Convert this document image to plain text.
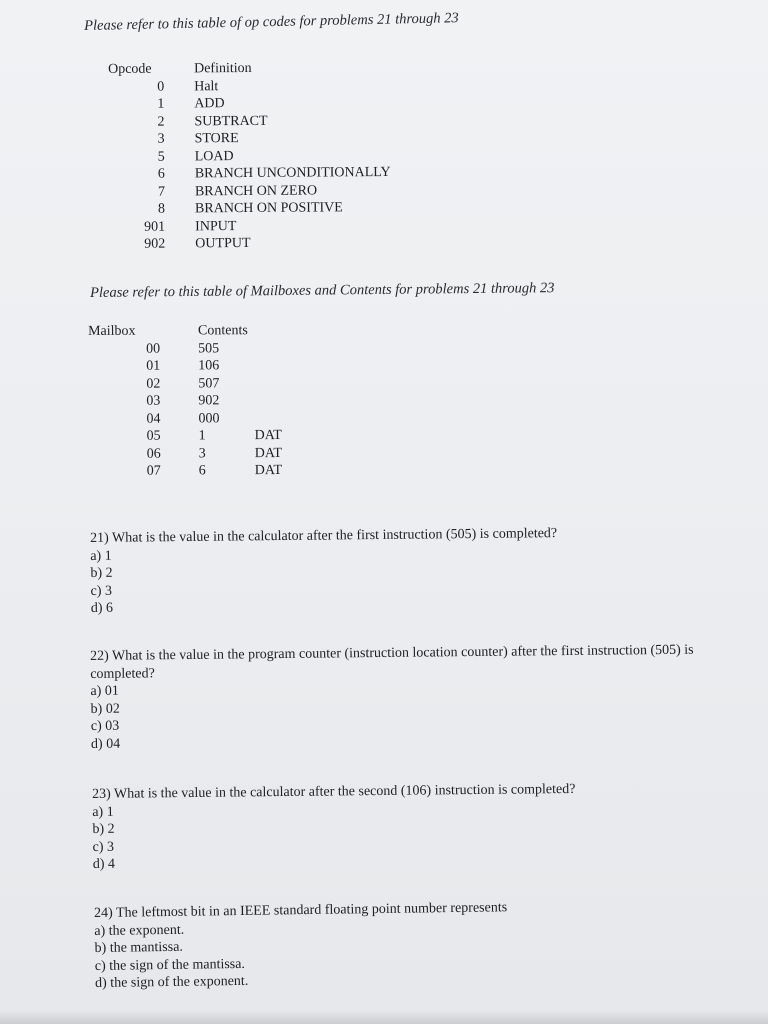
Please refer to this table of op codes for problems 21 through 23
Opcode	Definition
0 Halt
1 ADD
2 SUBTRACT
3 STORE
5 LOAD
6 BRANCH UNCONDITIONALLY
7 BRANCH ON ZERO
8 BRANCH ON POSITIVE
901 INPUT
902 OUTPUT
Please refer to this table of Mailboxes and Contents for problems 21 through 23
Mailbox	Contents
00	505
01	106
02	507
03	902
04	000
05	1	DAT
06	3	DAT
07	6	DAT
21) What is the value in the calculator after the first instruction (505) is completed?
a) 1
b) 2
c) 3
d) 6
22) What is the value in the program counter (instruction location counter) after the first instruction (505) is completed?
a) 01
b) 02
c) 03
d) 04
23) What is the value in the calculator after the second (106) instruction is completed?
a) 1
b) 2
c) 3
d) 4
24) The leftmost bit in an IEEE standard floating point number represents
a) the exponent.
b) the mantissa.
c) the sign of the mantissa.
d) the sign of the exponent.
